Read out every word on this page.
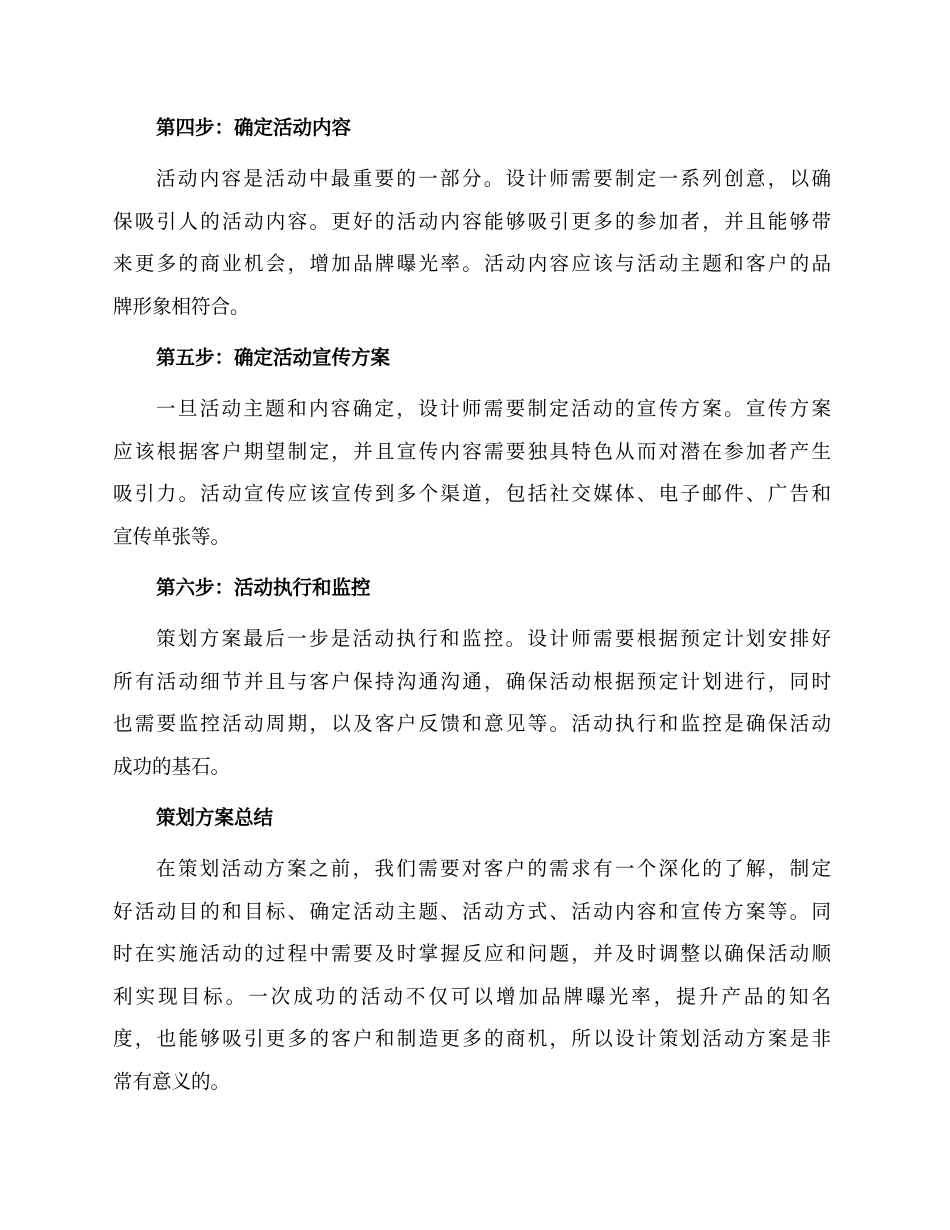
第四步：确定活动内容

活动内容是活动中最重要的一部分。设计师需要制定一系列创意，以确
保吸引人的活动内容。更好的活动内容能够吸引更多的参加者，并且能够带
来更多的商业机会，增加品牌曝光率。活动内容应该与活动主题和客户的品
牌形象相符合。

第五步：确定活动宣传方案

一旦活动主题和内容确定，设计师需要制定活动的宣传方案。宣传方案
应该根据客户期望制定，并且宣传内容需要独具特色从而对潜在参加者产生
吸引力。活动宣传应该宣传到多个渠道，包括社交媒体、电子邮件、广告和
宣传单张等。

第六步：活动执行和监控

策划方案最后一步是活动执行和监控。设计师需要根据预定计划安排好
所有活动细节并且与客户保持沟通沟通，确保活动根据预定计划进行，同时
也需要监控活动周期，以及客户反馈和意见等。活动执行和监控是确保活动
成功的基石。

策划方案总结

在策划活动方案之前，我们需要对客户的需求有一个深化的了解，制定
好活动目的和目标、确定活动主题、活动方式、活动内容和宣传方案等。同
时在实施活动的过程中需要及时掌握反应和问题，并及时调整以确保活动顺
利实现目标。一次成功的活动不仅可以增加品牌曝光率，提升产品的知名
度，也能够吸引更多的客户和制造更多的商机，所以设计策划活动方案是非
常有意义的。
